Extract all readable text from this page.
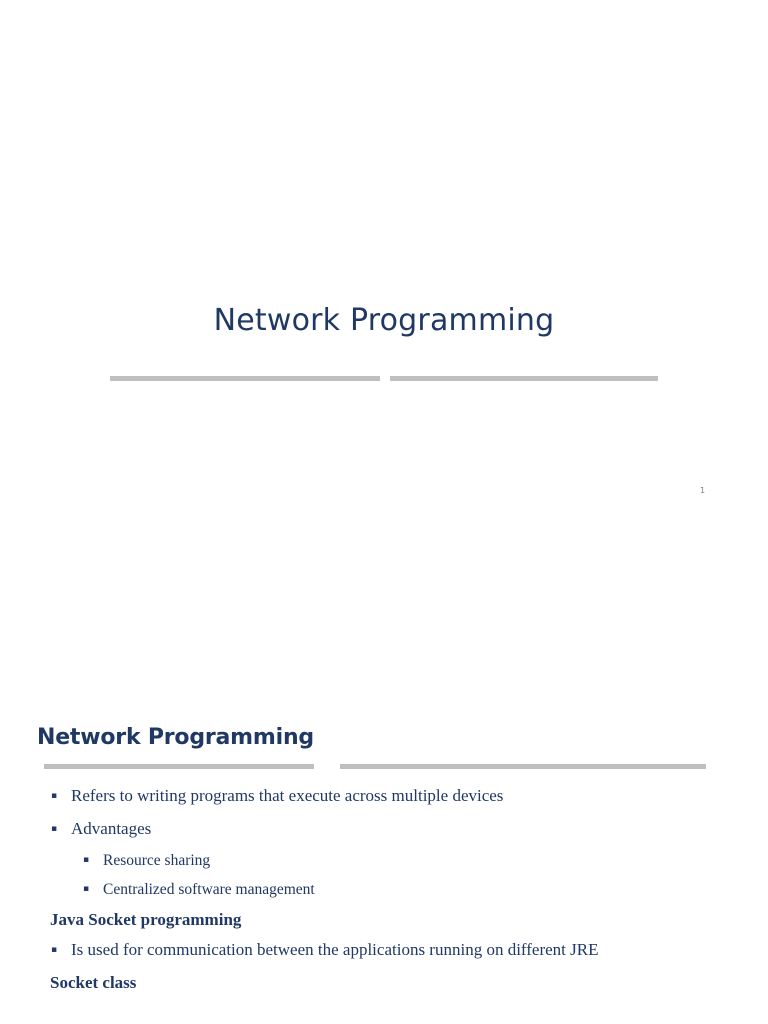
Network Programming
1
Network Programming
▪ Refers to writing programs that execute across multiple devices
▪ Advantages
▪ Resource sharing
▪ Centralized software management
Java Socket programming
▪ Is used for communication between the applications running on different JRE
Socket class
